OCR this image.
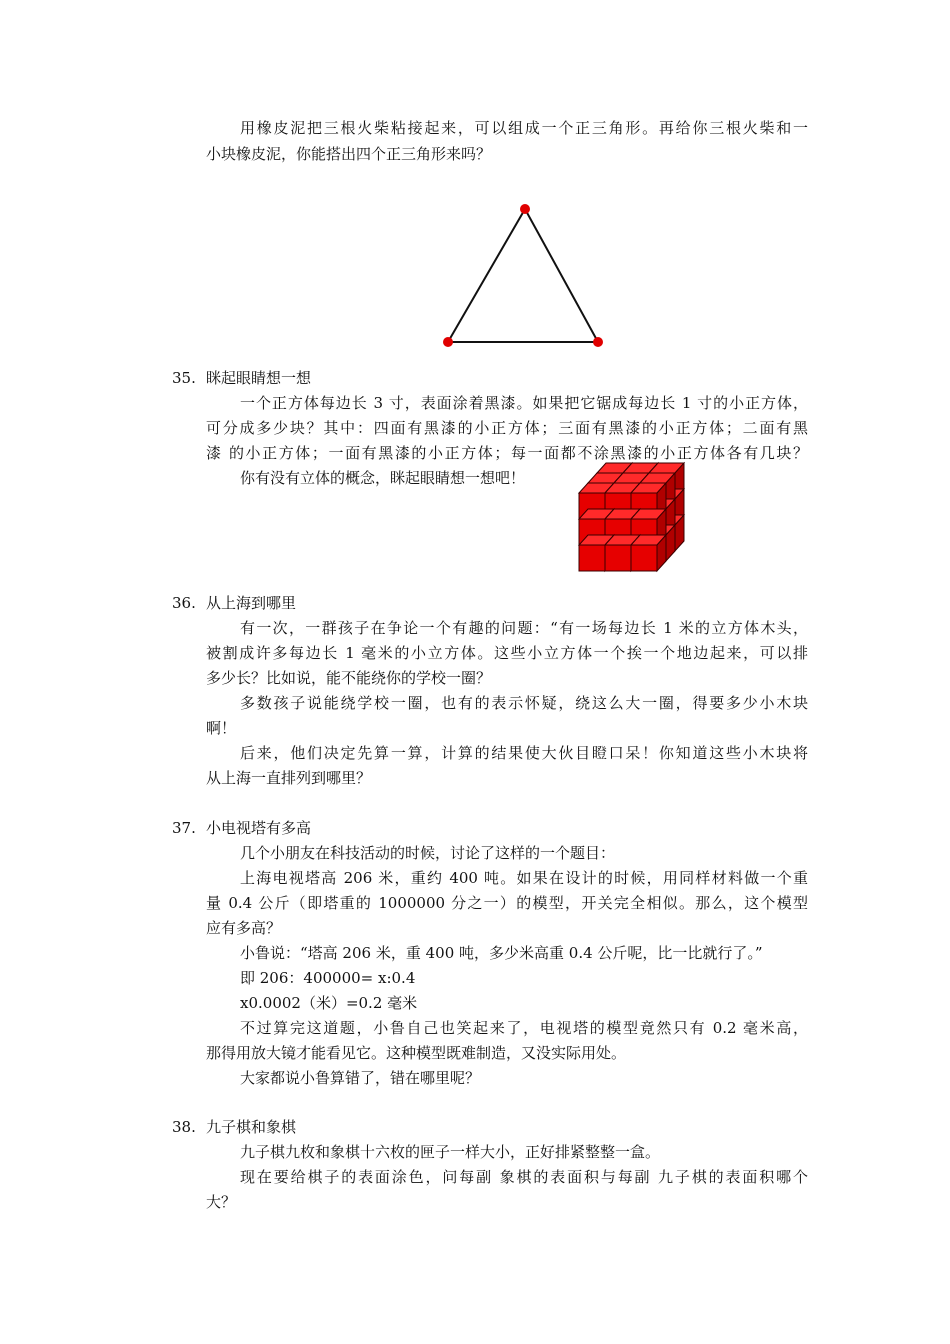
用橡皮泥把三根火柴粘接起来，可以组成一个正三角形。再给你三根火柴和一
小块橡皮泥，你能搭出四个正三角形来吗？
35. 眯起眼睛想一想
一个正方体每边长 3 寸，表面涂着黑漆。如果把它锯成每边长 1 寸的小正方体，
可分成多少块？其中：四面有黑漆的小正方体；三面有黑漆的小正方体；二面有黑
漆 的小正方体；一面有黑漆的小正方体；每一面都不涂黑漆的小正方体各有几块？
你有没有立体的概念，眯起眼睛想一想吧！
36. 从上海到哪里
有一次，一群孩子在争论一个有趣的问题：“有一场每边长 1 米的立方体木头，
被割成许多每边长 1 毫米的小立方体。这些小立方体一个挨一个地边起来，可以排
多少长？比如说，能不能绕你的学校一圈？
多数孩子说能绕学校一圈，也有的表示怀疑，绕这么大一圈，得要多少小木块
啊！
后来，他们决定先算一算，计算的结果使大伙目瞪口呆！你知道这些小木块将
从上海一直排列到哪里？
37. 小电视塔有多高
几个小朋友在科技活动的时候，讨论了这样的一个题目：
上海电视塔高 206 米，重约 400 吨。如果在设计的时候，用同样材料做一个重
量 0.4 公斤（即塔重的 1000000 分之一）的模型，开关完全相似。那么，这个模型
应有多高？
小鲁说：“塔高 206 米，重 400 吨，多少米高重 0.4 公斤呢，比一比就行了。”
即 206：400000= x:0.4
x0.0002（米）=0.2 毫米
不过算完这道题，小鲁自己也笑起来了，电视塔的模型竟然只有 0.2 毫米高，
那得用放大镜才能看见它。这种模型既难制造，又没实际用处。
大家都说小鲁算错了，错在哪里呢？
38. 九子棋和象棋
九子棋九枚和象棋十六枚的匣子一样大小，正好排紧整整一盒。
现在要给棋子的表面涂色，问每副 象棋的表面积与每副 九子棋的表面积哪个
大？
